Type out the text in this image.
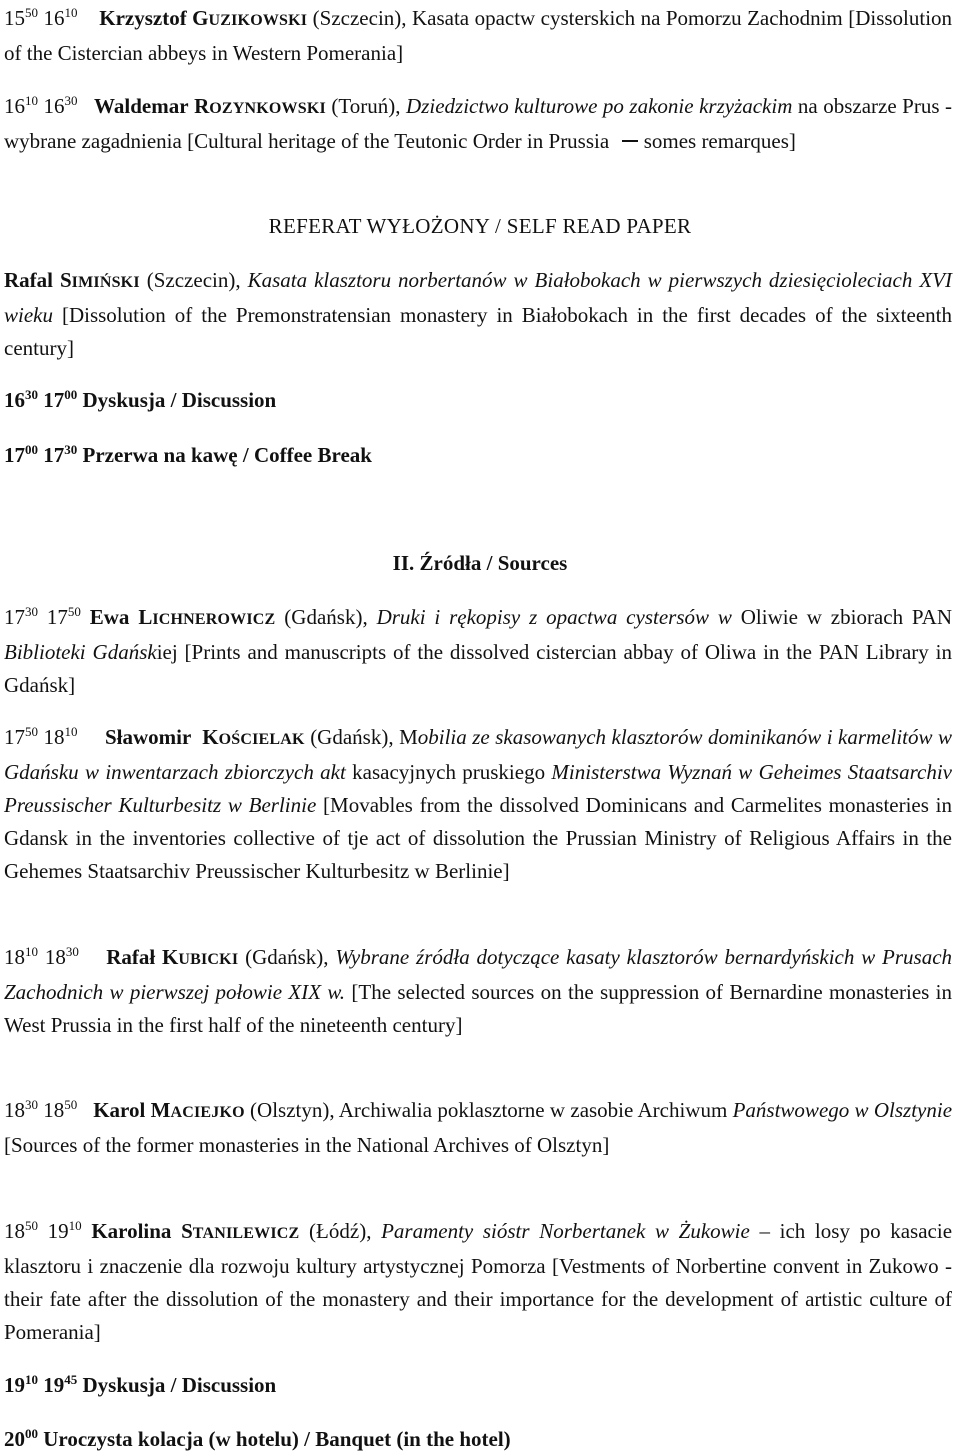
$15^{50}$ $16^{10}$ Krzysztof GUZIKOWSKI (Szczecin), Kasata opactw cysterskich na Pomorzu Zachodnim [Dissolution of the Cistercian abbeys in Western Pomerania]

$16^{10}$ $16^{30}$ Waldemar ROZYNKOWSKI (Toruń), Dziedzictwo kulturowe po zakonie krzyżackim na obszarze Prus - wybrane zagadnienia [Cultural heritage of the Teutonic Order in Prussia  somes remarques]

REFERAT WYŁOŻONY / SELF READ PAPER

Rafal SIMIŃSKI (Szczecin), Kasata klasztoru norbertanów w Białobokach w pierwszych dziesięcioleciach XVI wieku [Dissolution of the Premonstratensian monastery in Białobokach in the first decades of the sixteenth century]

$16^{30}$ $17^{00}$ Dyskusja / Discussion

$17^{00}$ $17^{30}$ Przerwa na kawę / Coffee Break

II. Źródła / Sources

$17^{30}$ $17^{50}$ Ewa LICHNEROWICZ (Gdańsk), Druki i rękopisy z opactwa cystersów w Oliwie w zbiorach PAN Biblioteki Gdańskiej [Prints and manuscripts of the dissolved cistercian abbay of Oliwa in the PAN Library in Gdańsk]

$17^{50}$ $18^{10}$ Sławomir KOŚCIELAK (Gdańsk), Mobilia ze skasowanych klasztorów dominikanów i karmelitów w Gdańsku w inwentarzach zbiorczych akt kasacyjnych pruskiego Ministerstwa Wyznań w Geheimes Staatsarchiv Preussischer Kulturbesitz w Berlinie [Movables from the dissolved Dominicans and Carmelites monasteries in Gdansk in the inventories collective of tje act of dissolution the Prussian Ministry of Religious Affairs in the Gehemes Staatsarchiv Preussischer Kulturbesitz w Berlinie]

$18^{10}$ $18^{30}$ Rafał KUBICKI (Gdańsk), Wybrane źródła dotyczące kasaty klasztorów bernardyńskich w Prusach Zachodnich w pierwszej połowie XIX w. [The selected sources on the suppression of Bernardine monasteries in West Prussia in the first half of the nineteenth century]

$18^{30}$ $18^{50}$ Karol MACIEJKO (Olsztyn), Archiwalia poklasztorne w zasobie Archiwum Państwowego w Olsztynie [Sources of the former monasteries in the National Archives of Olsztyn]

$18^{50}$ $19^{10}$ Karolina STANILEWICZ (Łódź), Paramenty sióstr Norbertanek w Żukowie – ich losy po kasacie klasztoru i znaczenie dla rozwoju kultury artystycznej Pomorza [Vestments of Norbertine convent in Zukowo - their fate after the dissolution of the monastery and their importance for the development of artistic culture of Pomerania]

$19^{10}$ $19^{45}$ Dyskusja / Discussion

$20^{00}$ Uroczysta kolacja (w hotelu) / Banquet (in the hotel)
